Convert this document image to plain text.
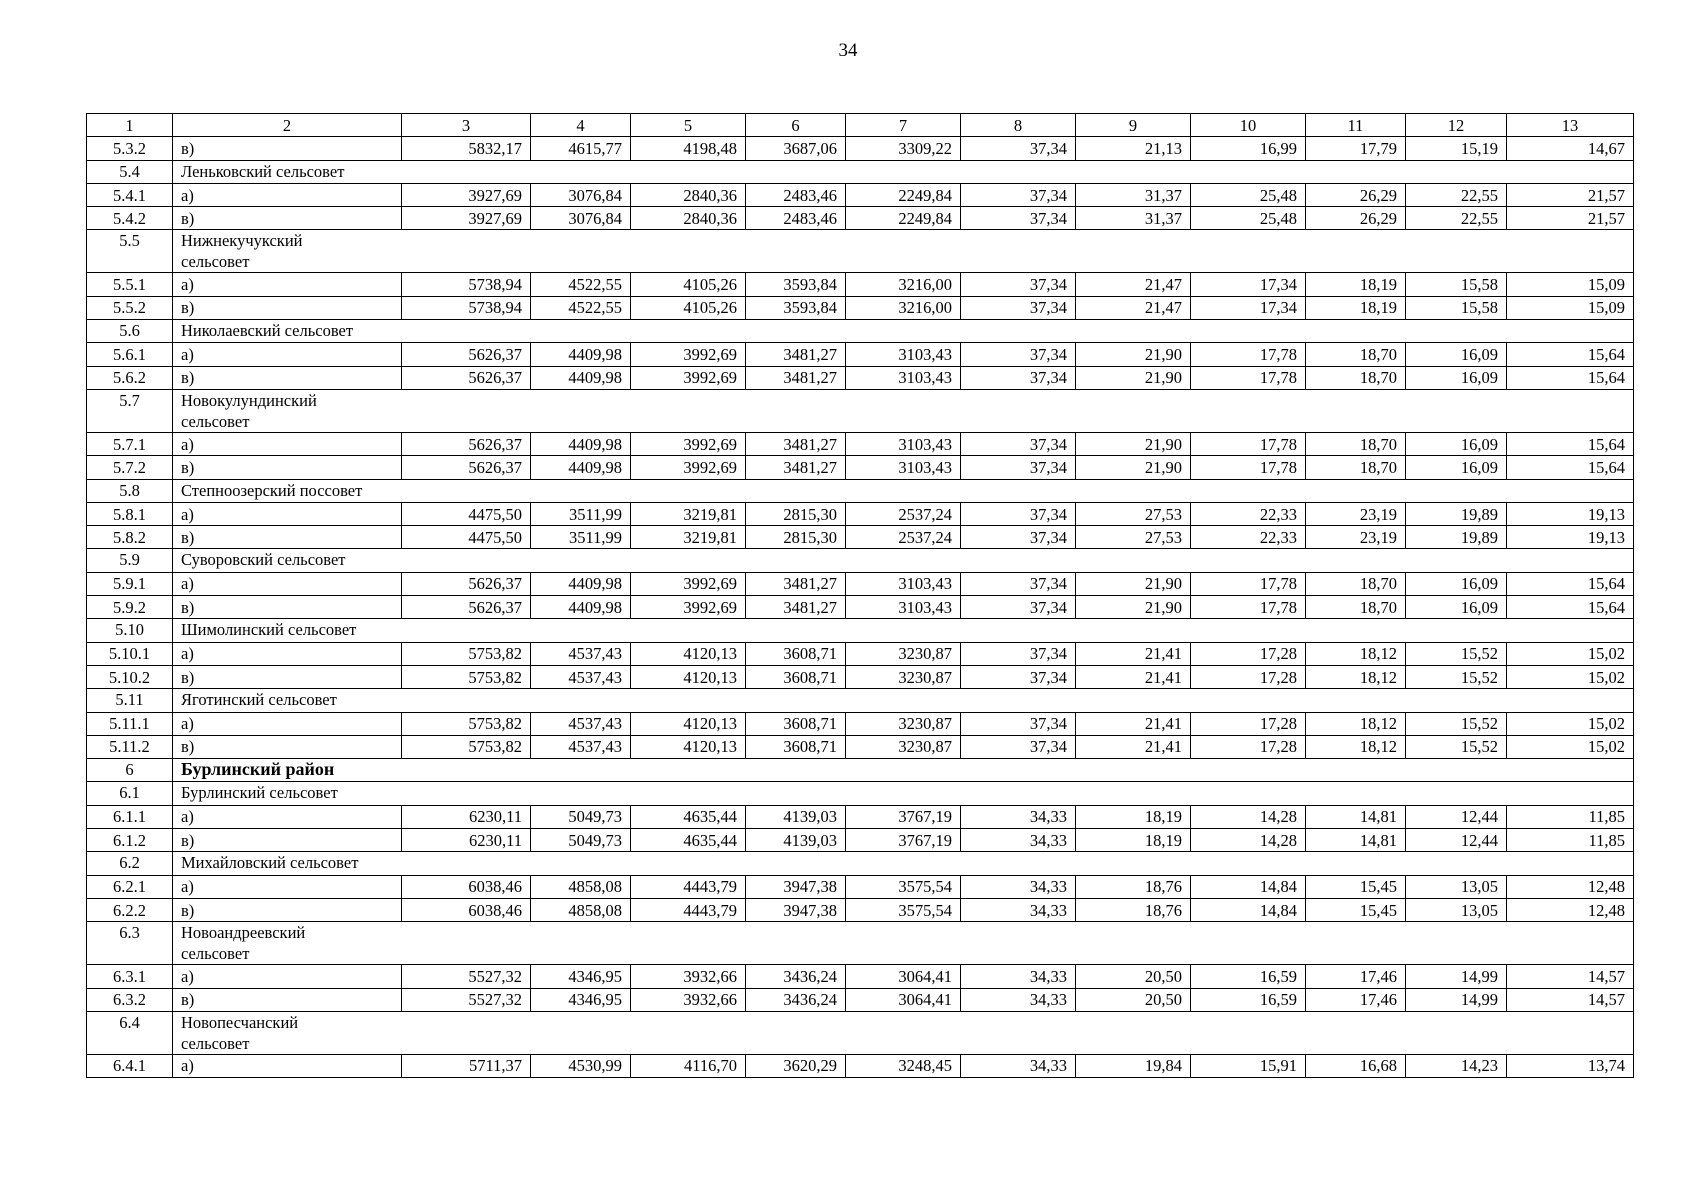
34
1	2	3	4	5	6	7	8	9	10	11	12	13
5.3.2	в)	5832,17	4615,77	4198,48	3687,06	3309,22	37,34	21,13	16,99	17,79	15,19	14,67
5.4	Леньковский сельсовет											
5.4.1	а)	3927,69	3076,84	2840,36	2483,46	2249,84	37,34	31,37	25,48	26,29	22,55	21,57
5.4.2	в)	3927,69	3076,84	2840,36	2483,46	2249,84	37,34	31,37	25,48	26,29	22,55	21,57
5.5	Нижнекучукский сельсовет											
5.5.1	а)	5738,94	4522,55	4105,26	3593,84	3216,00	37,34	21,47	17,34	18,19	15,58	15,09
5.5.2	в)	5738,94	4522,55	4105,26	3593,84	3216,00	37,34	21,47	17,34	18,19	15,58	15,09
5.6	Николаевский сельсовет											
5.6.1	а)	5626,37	4409,98	3992,69	3481,27	3103,43	37,34	21,90	17,78	18,70	16,09	15,64
5.6.2	в)	5626,37	4409,98	3992,69	3481,27	3103,43	37,34	21,90	17,78	18,70	16,09	15,64
5.7	Новокулундинский сельсовет											
5.7.1	а)	5626,37	4409,98	3992,69	3481,27	3103,43	37,34	21,90	17,78	18,70	16,09	15,64
5.7.2	в)	5626,37	4409,98	3992,69	3481,27	3103,43	37,34	21,90	17,78	18,70	16,09	15,64
5.8	Степноозерский поссовет											
5.8.1	а)	4475,50	3511,99	3219,81	2815,30	2537,24	37,34	27,53	22,33	23,19	19,89	19,13
5.8.2	в)	4475,50	3511,99	3219,81	2815,30	2537,24	37,34	27,53	22,33	23,19	19,89	19,13
5.9	Суворовский сельсовет											
5.9.1	а)	5626,37	4409,98	3992,69	3481,27	3103,43	37,34	21,90	17,78	18,70	16,09	15,64
5.9.2	в)	5626,37	4409,98	3992,69	3481,27	3103,43	37,34	21,90	17,78	18,70	16,09	15,64
5.10	Шимолинский сельсовет											
5.10.1	а)	5753,82	4537,43	4120,13	3608,71	3230,87	37,34	21,41	17,28	18,12	15,52	15,02
5.10.2	в)	5753,82	4537,43	4120,13	3608,71	3230,87	37,34	21,41	17,28	18,12	15,52	15,02
5.11	Яготинский сельсовет											
5.11.1	а)	5753,82	4537,43	4120,13	3608,71	3230,87	37,34	21,41	17,28	18,12	15,52	15,02
5.11.2	в)	5753,82	4537,43	4120,13	3608,71	3230,87	37,34	21,41	17,28	18,12	15,52	15,02
6	Бурлинский район											
6.1	Бурлинский сельсовет											
6.1.1	а)	6230,11	5049,73	4635,44	4139,03	3767,19	34,33	18,19	14,28	14,81	12,44	11,85
6.1.2	в)	6230,11	5049,73	4635,44	4139,03	3767,19	34,33	18,19	14,28	14,81	12,44	11,85
6.2	Михайловский сельсовет											
6.2.1	а)	6038,46	4858,08	4443,79	3947,38	3575,54	34,33	18,76	14,84	15,45	13,05	12,48
6.2.2	в)	6038,46	4858,08	4443,79	3947,38	3575,54	34,33	18,76	14,84	15,45	13,05	12,48
6.3	Новоандреевский сельсовет											
6.3.1	а)	5527,32	4346,95	3932,66	3436,24	3064,41	34,33	20,50	16,59	17,46	14,99	14,57
6.3.2	в)	5527,32	4346,95	3932,66	3436,24	3064,41	34,33	20,50	16,59	17,46	14,99	14,57
6.4	Новопесчанский сельсовет											
6.4.1	а)	5711,37	4530,99	4116,70	3620,29	3248,45	34,33	19,84	15,91	16,68	14,23	13,74
